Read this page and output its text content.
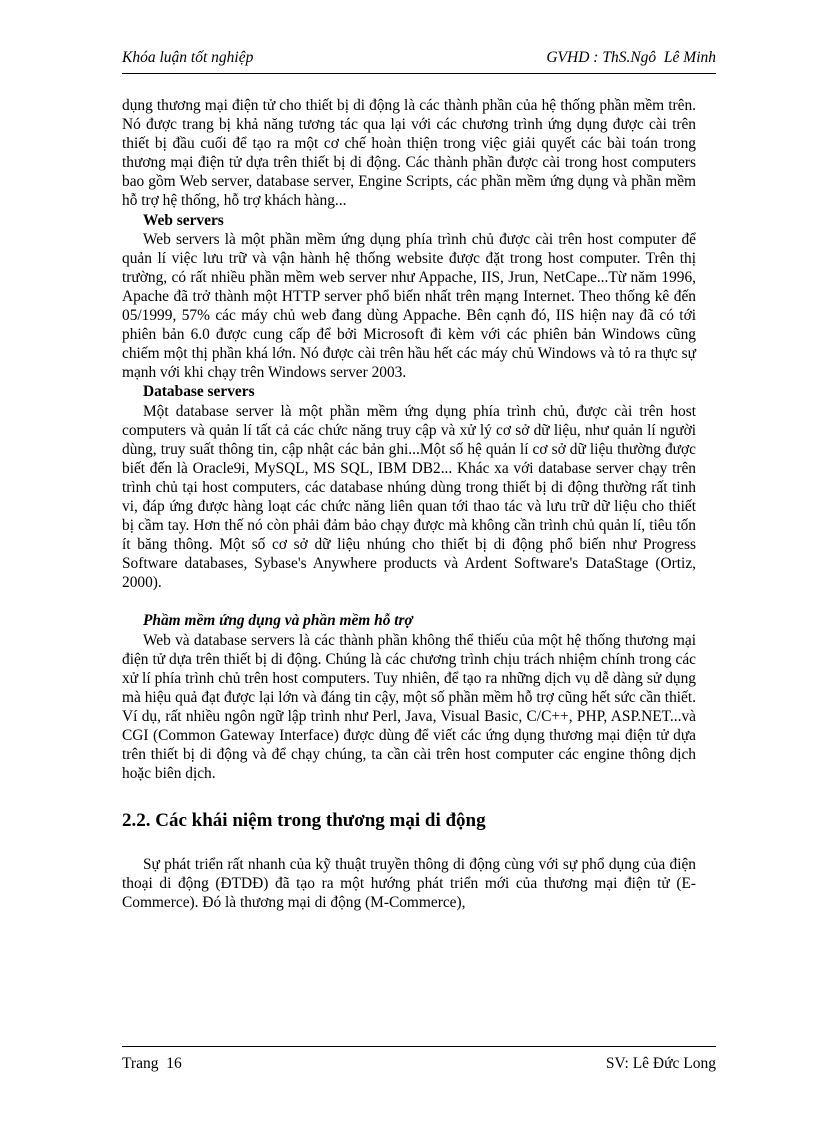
Khóa luận tốt nghiệp	GVHD : ThS.Ngô  Lê Minh

dụng thương mại điện tử cho thiết bị di động là các thành phần của hệ thống phần mềm trên. Nó được trang bị khả năng tương tác qua lại với các chương trình ứng dụng được cài trên thiết bị đầu cuối để tạo ra một cơ chế hoàn thiện trong việc giải quyết các bài toán trong thương mại điện tử dựa trên thiết bị di động. Các thành phần được cài trong host computers bao gồm Web server, database server, Engine Scripts, các phần mềm ứng dụng và phần mềm hỗ trợ hệ thống, hỗ trợ khách hàng...

Web servers

Web servers là một phần mềm ứng dụng phía trình chủ được cài trên host computer để quản lí việc lưu trữ và vận hành hệ thống website được đặt trong host computer. Trên thị trường, có rất nhiều phần mềm web server như Appache, IIS, Jrun, NetCape...Từ năm 1996, Apache đã trở thành một HTTP server phổ biến nhất trên mạng Internet. Theo thống kê đến 05/1999, 57% các máy chủ web đang dùng Appache. Bên cạnh đó, IIS hiện nay đã có tới phiên bản 6.0 được cung cấp để bởi Microsoft đi kèm với các phiên bản Windows cũng chiếm một thị phần khá lớn. Nó được cài trên hầu hết các máy chủ Windows và tỏ ra thực sự mạnh với khi chạy trên Windows server 2003.

Database servers

Một database server là một phần mềm ứng dụng phía trình chủ, được cài trên host computers và quản lí tất cả các chức năng truy cập và xử lý cơ sở dữ liệu, như quản lí người dùng, truy suất thông tin, cập nhật các bản ghi...Một số hệ quản lí cơ sở dữ liệu thường được biết đến là Oracle9i, MySQL, MS SQL, IBM DB2... Khác xa với database server chạy trên trình chủ tại host computers, các database nhúng dùng trong thiết bị di động thường rất tinh vi, đáp ứng được hàng loạt các chức năng liên quan tới thao tác và lưu trữ dữ liệu cho thiết bị cầm tay. Hơn thế nó còn phải đảm bảo chạy được mà không cần trình chủ quản lí, tiêu tốn ít băng thông. Một số cơ sở dữ liệu nhúng cho thiết bị di động phổ biến như Progress Software databases, Sybase's Anywhere products và Ardent Software's DataStage (Ortiz, 2000).

Phầm mềm ứng dụng và phần mềm hỗ trợ

Web và database servers là các thành phần không thể thiếu của một hệ thống thương mại điện tử dựa trên thiết bị di động. Chúng là các chương trình chịu trách nhiệm chính trong các xử lí phía trình chủ trên host computers. Tuy nhiên, để tạo ra những dịch vụ dễ dàng sử dụng mà hiệu quả đạt được lại lớn và đáng tin cậy, một số phần mềm hỗ trợ cũng hết sức cần thiết. Ví dụ, rất nhiều ngôn ngữ lập trình như Perl, Java, Visual Basic, C/C++, PHP, ASP.NET...và CGI (Common Gateway Interface) được dùng để viết các ứng dụng thương mại điện tử dựa trên thiết bị di động và để chạy chúng, ta cần cài trên host computer các engine thông dịch hoặc biên dịch.

2.2. Các khái niệm trong thương mại di động

Sự phát triển rất nhanh của kỹ thuật truyền thông di động cùng với sự phổ dụng của điện thoại di động (ĐTDĐ) đã tạo ra một hướng phát triển mới của thương mại điện tử (E-Commerce). Đó là thương mại di động (M-Commerce),

Trang  16	SV: Lê Đức Long
